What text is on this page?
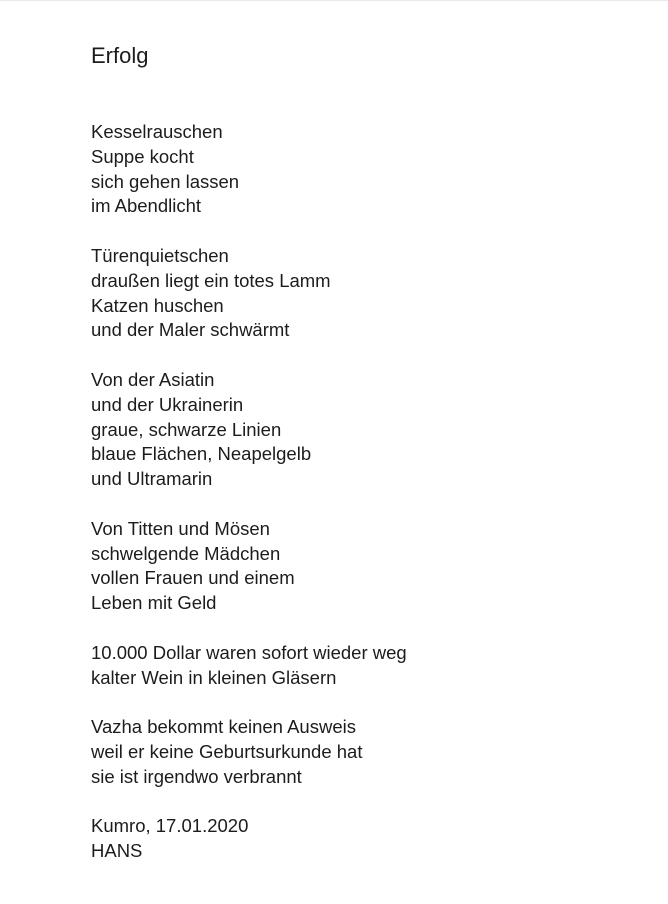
Erfolg
Kesselrauschen
Suppe kocht
sich gehen lassen
im Abendlicht
Türenquietschen
draußen liegt ein totes Lamm
Katzen huschen
und der Maler schwärmt
Von der Asiatin
und der Ukrainerin
graue, schwarze Linien
blaue Flächen, Neapelgelb
und Ultramarin
Von Titten und Mösen
schwelgende Mädchen
vollen Frauen und einem
Leben mit Geld
10.000 Dollar waren sofort wieder weg
kalter Wein in kleinen Gläsern
Vazha bekommt keinen Ausweis
weil er keine Geburtsurkunde hat
sie ist irgendwo verbrannt
Kumro, 17.01.2020
HANS
